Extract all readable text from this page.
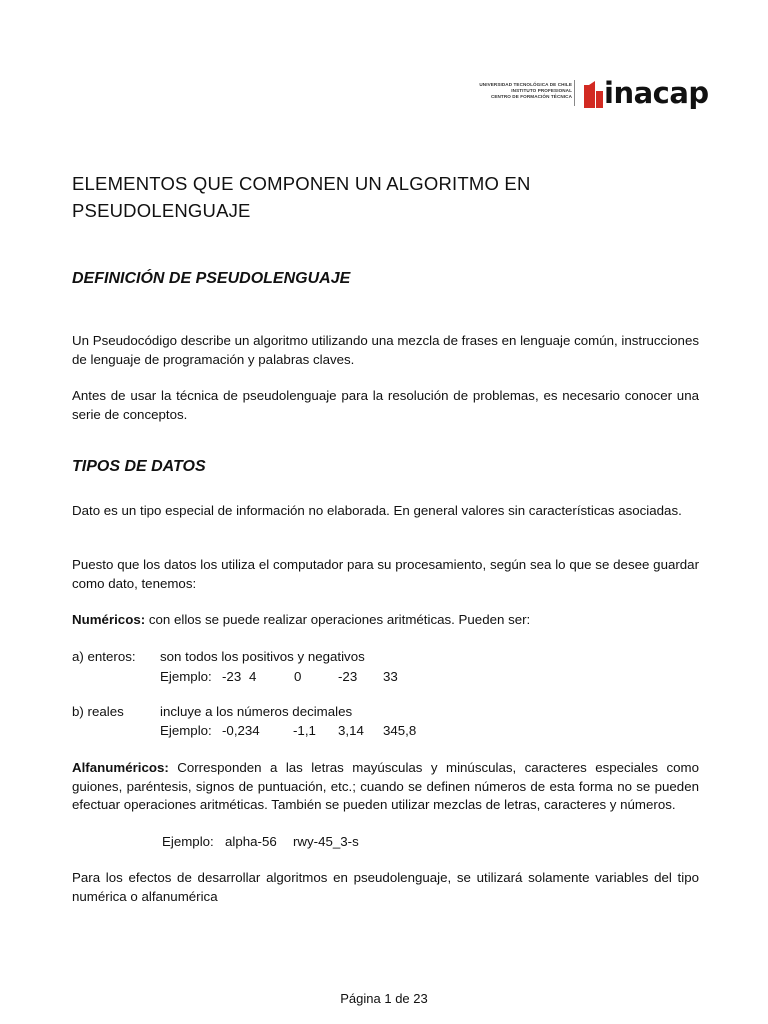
UNIVERSIDAD TECNOLÓGICA DE CHILE
INSTITUTO PROFESIONAL
CENTRO DE FORMACIÓN TÉCNICA inacap
ELEMENTOS QUE COMPONEN UN ALGORITMO EN
PSEUDOLENGUAJE
DEFINICIÓN DE PSEUDOLENGUAJE

Un Pseudocódigo describe un algoritmo utilizando una mezcla de frases en lenguaje común, instrucciones de lenguaje de programación y palabras claves.

Antes de usar la técnica de pseudolenguaje para la resolución de problemas, es necesario conocer una serie de conceptos.

TIPOS DE DATOS

Dato es un tipo especial de información no elaborada. En general valores sin características asociadas.

Puesto que los datos los utiliza el computador para su procesamiento, según sea lo que se desee guardar como dato, tenemos:

Numéricos: con ellos se puede realizar operaciones aritméticas. Pueden ser:

a) enteros: son todos los positivos y negativos

Ejemplo: -23 4	0	-23 33

b) reales	incluye a los números decimales

Ejemplo: -0,234	-1,1 3,14 345,8

Alfanuméricos: Corresponden a las letras mayúsculas y minúsculas, caracteres especiales como guiones, paréntesis, signos de puntuación, etc.; cuando se definen números de esta forma no se pueden efectuar operaciones aritméticas. También se pueden utilizar mezclas de letras, caracteres y números.

Ejemplo: alpha-56 rwy-45_3-s

Para los efectos de desarrollar algoritmos en pseudolenguaje, se utilizará solamente variables del tipo numérica o alfanumérica

Página 1 de 23
